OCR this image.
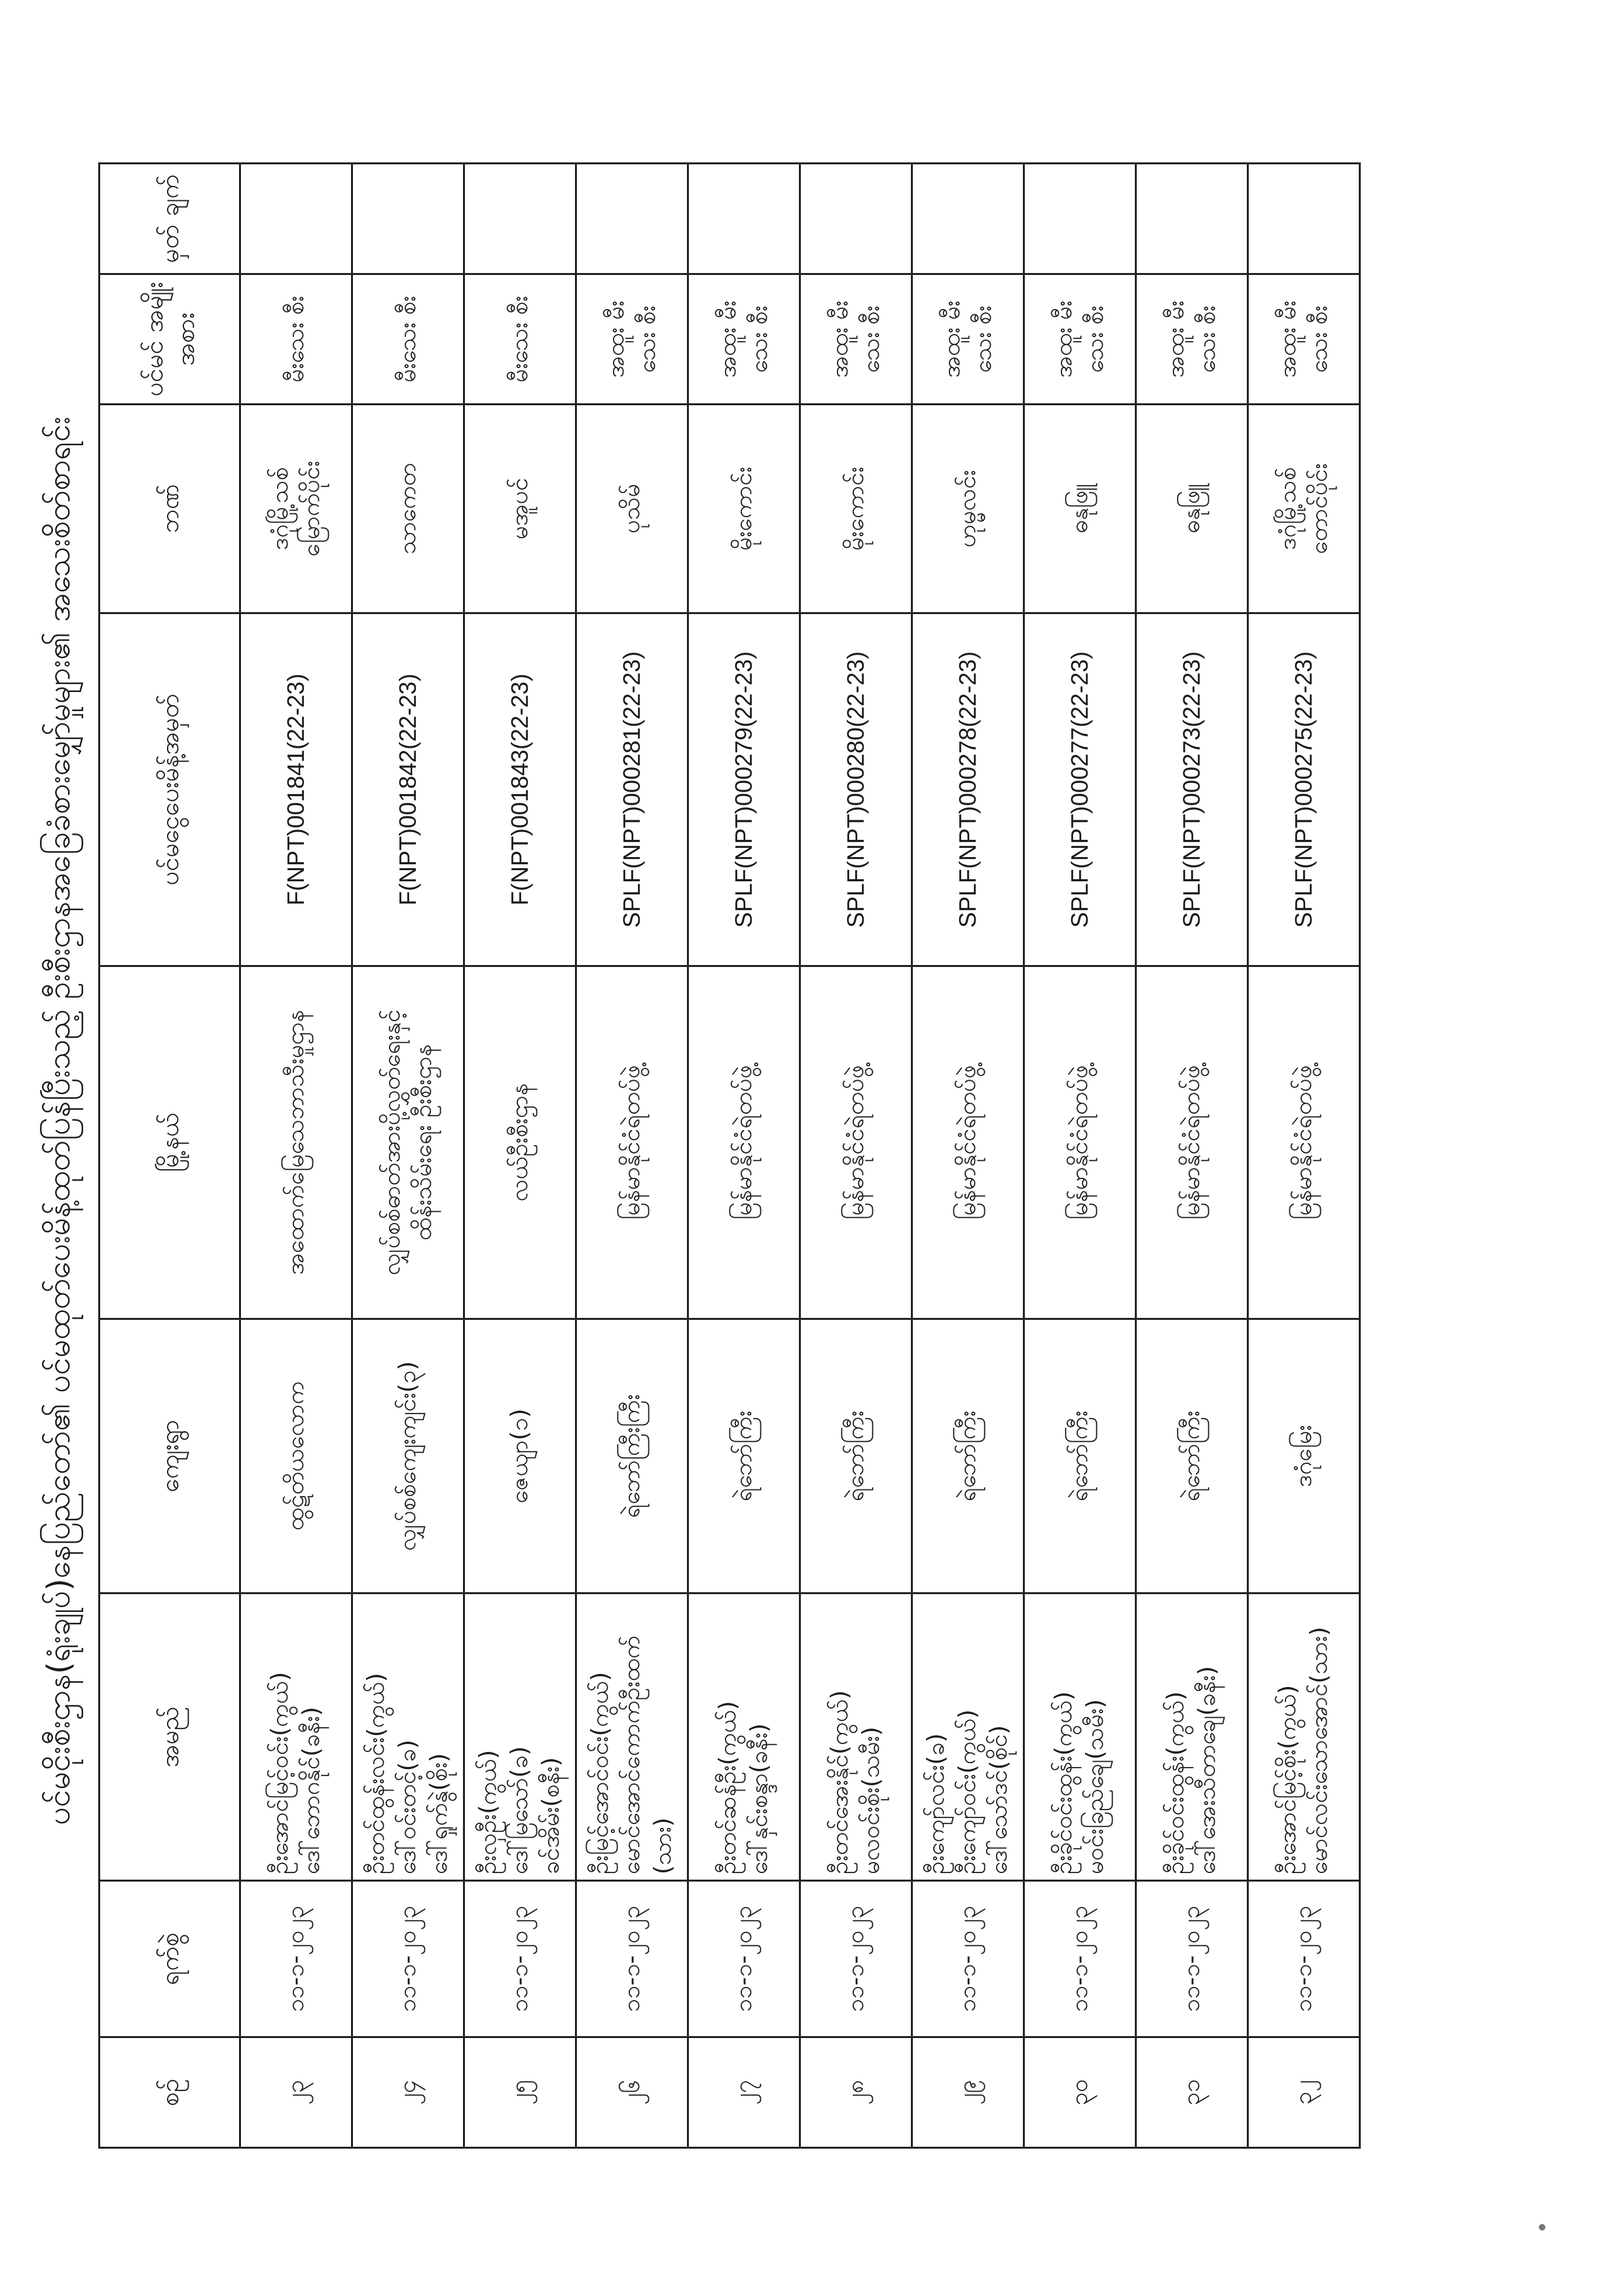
ပင်မငိုးစီးဌာန(ရုံးချုပ်)နေပြည်တော်၏ ပင်မထုတ်ပေးမိန့်ထုတ်ပြန်ပြီးသည့် ဦးစီးဌာနအခြေခံစားမျှော်မှုများ၏ အသေးစိတ်စာရင်း
စဉ်	ရက်စွဲ	အမည်	ကျေးရွာ	မြို့နယ်	ပင်မငွေပေးမိန့်အမှတ်	ဘဏ်	ပင်မင် အမျိုးအစား	မှတ် ချက်
၂၃	၁၁-၁-၂၀၂၃	ဦးအောင်မြင့်ဝင်း(ကွယ်) ဒေါ်ဘောဂနိုင်(ခနီး)	ထွဋ်တိယလောက	အထောက်မြေသေဘာသီးမှုဌာန	F(NPT)001841(22-23)	ဒဂုံမြို့သစ် မြောက်ပိုင်း	မီးသေး စီး	
၂၄	၁၁-၁-၂၀၂၃	ဦးတင်ထွန်းလင်း(ကွယ်) ဒေါ်ဝင်းတင့်(ခ) ဒေါ်ရှုက်နွဲ(စိုး)	လျှပ်စစ်ကျေးကျင်း(၃)	လျှပ်စစ်ဓာတ်အားပို့လွှတ်ရေးနှင့်ထိန်းသိမ်းရေး ဦးစီးဌာန	F(NPT)001842(22-23)	သာကေတ	မီးသေး စီး	
၂၅	၁၁-၁-၂၀၂၃	ဦးလှဦး(ကွယ်) ဒေါ်မြသော်(ခ) ခင်အိမ်း(စနီး)	ဇေယျာ(၁)	လယ်ဦးစီးဌာန	F(NPT)001843(22-23)	မအူပင်	မီးသေး စီး	
၂၆	၁၁-၁-၂၀၂၃	ဦးမြင့်အောင်ဝင်း(ကွယ်) မောင်အောင်ကောက်ဦးထက် (သား)	ရဲဘော်ကြီးကြီး	မြန်မာနိုင်ငံရဲတပ်ဖွဲ့	SPLF(NPT)000281(22-23)	ပုသိမ်	အထူး မီးသေး စီး	
၂၇	၁၁-၁-၂၀၂၃	ဦးတင်ဆန်ဦး(ကွယ်) ဒေါ်နှင်းစန္ဒာ(ခနီး)	ရဲဘော်ကြီး	မြန်မာနိုင်ငံရဲတပ်ဖွဲ့	SPLF(NPT)000279(22-23)	မိုးကောင်း	အထူး မီးသေး စီး	
၂၈	၁၁-၁-၂၀၂၃	ဦးတင်အေးနိုင်(ကွယ်) မလဝင်းစိုး(သမီး)	ရဲဘော်ကြီး	မြန်မာနိုင်ငံရဲတပ်ဖွဲ့	SPLF(NPT)000280(22-23)	မိုးကောင်း	အထူး မီးသေး စီး	
၂၉	၁၁-၁-၂၀၂၃	ဦးကျော်လင်း(ခ) ဦးကျော်ဝင်း(ကွယ်) ဒေါ်သော်ဒင်(စိုင်)	ရဲဘော်ကြီး	မြန်မာနိုင်ငံရဲတပ်ဖွဲ့	SPLF(NPT)000278(22-23)	ဟုမ္မလင်း	အထူး မီးသေး စီး	
၃၀	၁၁-၁-၂၀၂၃	ဦးခိုင်ဝင်းထွန်း(ကွယ်) မဝင်းခြည်ချေ(သမီး)	ရဲဘော်ကြီး	မြန်မာနိုင်ငံရဲတပ်ဖွဲ့	SPLF(NPT)000277(22-23)	ဓနုဖြူ	အထူး မီးသေး စီး	
၃၁	၁၁-၁-၂၀၂၃	ဦးခိုင်ဝင်းထွန်း(ကွယ်) ဒေါ်အေးသီတာချေ(ခနီး)	ရဲဘော်ကြီး	မြန်မာနိုင်ငံရဲတပ်ဖွဲ့	SPLF(NPT)000273(22-23)	ဓနုဖြူ	အထူး မီးသေး စီး	
၃၂	၁၁-၁-၂၀၂၃	ဦးအောင်မြင့်စိုး(ကွယ်) မောင်လင်းသောအောင်(သား)	ဒဂုံမြေး	မြန်မာနိုင်ငံရဲတပ်ဖွဲ့	SPLF(NPT)000275(22-23)	ဒဂုံမြို့သစ် တောင်ပိုင်း	အထူး မီးသေး စီး	
